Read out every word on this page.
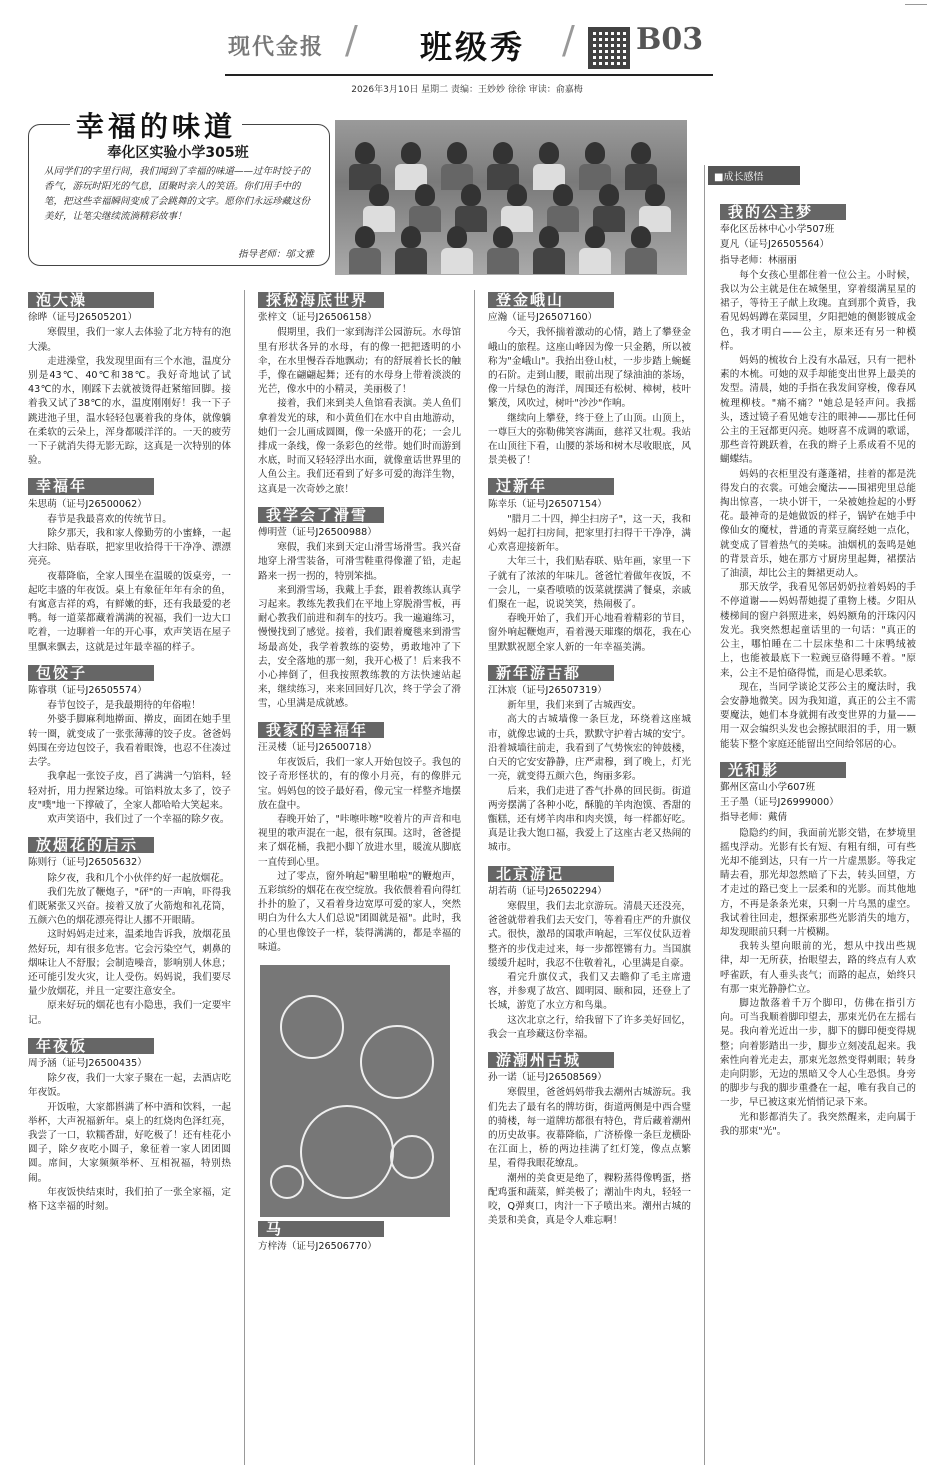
现代金报 / 班级秀 / B03
2026年3月10日 星期二 责编：王妙妙 徐徐 审读：俞嘉梅
幸福的味道
奉化区实验小学305班
从同学们的字里行间，我们闻到了幸福的味道——过年时饺子的香气，游玩时阳光的气息，团聚时亲人的笑语。你们用手中的笔，把这些幸福瞬间变成了会跳舞的文字。愿你们永远珍藏这份美好，让笔尖继续流淌精彩故事！
指导老师：邬文雅
■成长感悟
泡大澡
徐晔（证号J26505201）

寒假里，我们一家人去体验了北方特有的泡大澡。

走进澡堂，我发现里面有三个水池，温度分别是43℃、40℃和38℃。我好奇地试了试43℃的水，刚踩下去就被烫得赶紧缩回脚。接着我又试了38℃的水，温度刚刚好！我一下子跳进池子里，温水轻轻包裹着我的身体，就像躺在柔软的云朵上，浑身都暖洋洋的。一天的疲劳一下子就消失得无影无踪，这真是一次特别的体验。

幸福年
朱思萌（证号J26500062）

春节是我最喜欢的传统节日。

除夕那天，我和家人像勤劳的小蜜蜂，一起大扫除、贴春联，把家里收拾得干干净净、漂漂亮亮。

夜幕降临，全家人围坐在温暖的饭桌旁，一起吃丰盛的年夜饭。桌上有象征年年有余的鱼，有寓意吉祥的鸡，有鲜嫩的虾，还有我最爱的老鸭。每一道菜都藏着满满的祝福，我们一边大口吃着，一边聊着一年的开心事，欢声笑语在屋子里飘来飘去，这就是过年最幸福的样子。

包饺子
陈睿琪（证号J26505574）

春节包饺子，是我最期待的年俗啦！

外婆手脚麻利地擀面、擀皮，面团在她手里转一圈，就变成了一张张薄薄的饺子皮。爸爸妈妈围在旁边包饺子，我看着眼馋，也忍不住凑过去学。

我拿起一张饺子皮，舀了满满一勺馅料，轻轻对折，用力捏紧边缘。可馅料放太多了，饺子皮"噗"地一下撑破了，全家人都哈哈大笑起来。

欢声笑语中，我们过了一个幸福的除夕夜。

放烟花的启示
陈则行（证号J26505632）

除夕夜，我和几个小伙伴约好一起放烟花。

我们先放了鞭炮子，"砰"的一声响，吓得我们既紧张又兴奋。接着又放了火箭炮和礼花筒，五颜六色的烟花漂亮得让人挪不开眼睛。

这时妈妈走过来，温柔地告诉我，放烟花虽然好玩，却有很多危害。它会污染空气，刺鼻的烟味让人不舒服；会制造噪音，影响别人休息；还可能引发火灾，让人受伤。妈妈说，我们要尽量少放烟花，并且一定要注意安全。

原来好玩的烟花也有小隐患，我们一定要牢记。

年夜饭
周予涵（证号J26500435）

除夕夜，我们一大家子聚在一起，去酒店吃年夜饭。

开饭啦，大家都斟满了杯中酒和饮料，一起举杯，大声祝福新年。桌上的红烧肉色泽红亮，我尝了一口，软糯香甜，好吃极了！还有桂花小圆子，除夕夜吃小圆子，象征着一家人团团圆圆。席间，大家频频举杯、互相祝福，特别热闹。

年夜饭快结束时，我们拍了一张全家福，定格下这幸福的时刻。

探秘海底世界
张梓文（证号J26506158）

假期里，我们一家到海洋公园游玩。水母馆里有形状各异的水母，有的像一把把透明的小伞，在水里慢吞吞地飘动；有的舒展着长长的触手，像在翩翩起舞；还有的水母身上带着淡淡的光芒，像水中的小精灵，美丽极了！

接着，我们来到美人鱼馆看表演。美人鱼们拿着发光的球，和小黄鱼们在水中自由地游动，她们一会儿画成圆圈，像一朵盛开的花；一会儿排成一条线，像一条彩色的丝带。她们时而游到水底，时而又轻轻浮出水面，就像童话世界里的人鱼公主。我们还看到了好多可爱的海洋生物，这真是一次奇妙之旅！

我学会了滑雪
傅明萱（证号J26500988）

寒假，我们来到天定山滑雪场滑雪。我兴奋地穿上滑雪装备，可滑雪鞋重得像灌了铅，走起路来一拐一拐的，特别笨拙。

来到滑雪场，我戴上手套，跟着教练认真学习起来。教练先教我们在平地上穿脱滑雪板，再耐心教我们前进和刹车的技巧。我一遍遍练习，慢慢找到了感觉。接着，我们跟着魔毯来到滑雪场最高处，我学着教练的姿势，勇敢地冲了下去，安全落地的那一刻，我开心极了！后来我不小心摔倒了，但我按照教练教的方法快速站起来，继续练习，来来回回好几次，终于学会了滑雪，心里满是成就感。

我家的幸福年
汪灵楼（证号J26500718）

年夜饭后，我们一家人开始包饺子。我包的饺子奇形怪状的，有的像小月亮，有的像胖元宝。妈妈包的饺子最好看，像元宝一样整齐地摆放在盘中。

春晚开始了，"咔嚓咔嚓"咬着片的声音和电视里的歌声混在一起，很有氛围。这时，爸爸提来了烟花桶，我把小脚丫放进水里，暖流从脚底一直传到心里。

过了零点，窗外响起"噼里啪啦"的鞭炮声，五彩缤纷的烟花在夜空绽放。我依偎着看向得红扑扑的脸了，又看着身边宽厚可爱的家人，突然明白为什么大人们总说"团圆就是福"。此时，我的心里也像饺子一样，装得满满的，都是幸福的味道。

马
方梓涛（证号J26506770）
登金峨山
应瀚（证号J26507160）

今天，我怀揣着激动的心情，踏上了攀登金峨山的旅程。这座山峰因为像一只金鹅，所以被称为"金峨山"。我抬出登山杖，一步步踏上蜿蜒的石阶。走到山腰，眼前出现了绿油油的茶场，像一片绿色的海洋，周围还有松树、樟树，枝叶繁茂，风吹过，树叶"沙沙"作响。

继续向上攀登，终于登上了山顶。山顶上，一尊巨大的弥勒佛笑容满面，慈祥又壮观。我站在山顶往下看，山腰的茶场和树木尽收眼底，风景美极了！

过新年
陈幸乐（证号J26507154）

"腊月二十四，掸尘扫房子"，这一天，我和妈妈一起打扫房间，把家里打扫得干干净净，满心欢喜迎接新年。

大年三十，我们贴春联、贴年画，家里一下子就有了浓浓的年味儿。爸爸忙着做年夜饭，不一会儿，一桌香喷喷的饭菜就摆满了餐桌，亲戚们聚在一起，说说笑笑，热闹极了。

春晚开始了，我们开心地看着精彩的节目，窗外响起鞭炮声，看着漫天璀璨的烟花，我在心里默默祝愿全家人新的一年幸福美满。

新年游古都
江沐宸（证号J26507319）

新年里，我们来到了古城西安。

高大的古城墙像一条巨龙，环绕着这座城市，就像忠诚的士兵，默默守护着古城的安宁。沿着城墙往前走，我看到了气势恢宏的钟鼓楼，白天的它安安静静，庄严肃穆，到了晚上，灯光一亮，就变得五颜六色，绚丽多彩。

后来，我们走进了香气扑鼻的回民街。街道两旁摆满了各种小吃，酥脆的羊肉泡馍、香甜的甑糕，还有烤羊肉串和肉夹馍，每一样都好吃。真是让我大饱口福，我爱上了这座古老又热闹的城市。

北京游记
胡若萌（证号J26502294）

寒假里，我们去北京游玩。清晨天还没亮，爸爸就带着我们去天安门，等着看庄严的升旗仪式。很快，激昂的国歌声响起，三军仪仗队迈着整齐的步伐走过来，每一步都铿锵有力。当国旗缓缓升起时，我忍不住敬着礼，心里满是自豪。

看完升旗仪式，我们又去瞻仰了毛主席遗容，并参观了故宫、圆明园、颐和园，还登上了长城，游览了水立方和鸟巢。

这次北京之行，给我留下了许多美好回忆，我会一直珍藏这份幸福。

游潮州古城
孙一诺（证号J26508569）

寒假里，爸爸妈妈带我去潮州古城游玩。我们先去了最有名的牌坊街，街道两侧是中西合璧的骑楼，每一道牌坊都很有特色，背后藏着潮州的历史故事。夜幕降临，广济桥像一条巨龙横卧在江面上，桥的两边挂满了红灯笼，像点点繁星，看得我眼花缭乱。

潮州的美食更是绝了，粿粉蒸得像鸭蛋，搭配鸡蛋和蔬菜，鲜美极了；潮汕牛肉丸，轻轻一咬，Q弹爽口，肉汁一下子喷出来。潮州古城的美景和美食，真是令人难忘啊！

我的公主梦
奉化区岳林中心小学507班
夏凡（证号J26505564）
指导老师：林丽丽

每个女孩心里都住着一位公主。小时候，我以为公主就是住在城堡里，穿着缀满星星的裙子，等待王子献上玫瑰。直到那个黄昏，我看见妈妈蹲在菜园里，夕阳把她的侧影镀成金色，我才明白——公主，原来还有另一种模样。

妈妈的梳妆台上没有水晶冠，只有一把朴素的木梳。可她的双手却能变出世界上最美的发型。清晨，她的手指在我发间穿梭，像春风梳理柳枝。"痛不痛？"她总是轻声问。我摇头，透过镜子看见她专注的眼神——那比任何公主的王冠都更闪亮。她呀喜不成调的歌谣，那些音符跳跃着，在我的辫子上系成看不见的蝴蝶结。

妈妈的衣柜里没有蓬蓬裙，挂着的都是洗得发白的衣裳。可她会魔法——围裙兜里总能掏出惊喜，一块小饼干，一朵被她捡起的小野花。最神奇的是她做饭的样子，锅铲在她手中像仙女的魔杖，普通的青菜豆腐经她一点化，就变成了冒着热气的美味。油烟机的轰鸣是她的背景音乐，她在那方寸厨房里起舞，裙摆沾了油渍，却比公主的舞裙更动人。

那天放学，我看见邻居奶奶拉着妈妈的手不停道谢——妈妈帮她提了重物上楼。夕阳从楼梯间的窗户斜照进来，妈妈额角的汗珠闪闪发光。我突然想起童话里的一句话："真正的公主，哪怕睡在二十层床垫和二十床鸭绒被上，也能被最底下一粒豌豆硌得睡不着。"原来，公主不是怕硌得慌，而是心思柔软。

现在，当同学谈论艾莎公主的魔法时，我会安静地微笑。因为我知道，真正的公主不需要魔法，她们本身就拥有改变世界的力量——用一双会编织头发也会擦拭眼泪的手，用一颗能装下整个家庭还能留出空间给邻居的心。

光和影
鄞州区富山小学607班
王子墨（证号J26999000）
指导老师：戴倩

隐隐约约间，我面前光影交错，在梦境里摇曳浮动。光影有长有短、有粗有细，可有些光却不能到达，只有一片一片虚黑影。等我定睛去看，那光却忽然暗了下去，转头回望，方才走过的路已变上一层柔和的光影。而其他地方，不再是条条光束，只剩一片乌黑的虚空。我试着往回走，想探索那些光影消失的地方，却发现眼前只剩一片模糊。

我转头望向眼前的光，想从中找出些规律，却一无所获，抬眼望去，路的终点有人欢呼雀跃，有人垂头丧气；而路的起点，始终只有那一束光静静伫立。

脚边散落着千万个脚印，仿佛在指引方向。可当我顺着脚印望去，那束光仍在左摇右晃。我向着光近出一步，脚下的脚印便变得规整；向着影踏出一步，脚步立刻凌乱起来。我索性向着光走去，那束光忽然变得刺眼；转身走向阴影，无边的黑暗又令人心生恐惧。身旁的脚步与我的脚步重叠在一起，唯有我自己的一步，早已被这束光悄悄记录下来。

光和影都消失了。我突然醒来，走向属于我的那束"光"。
